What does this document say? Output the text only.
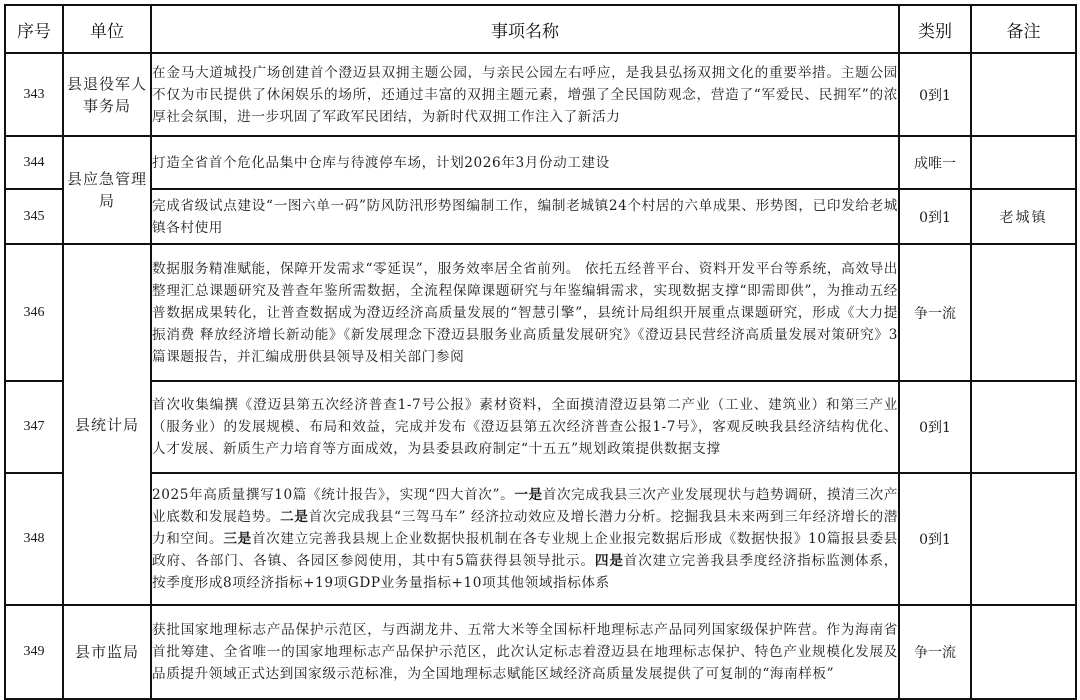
序号	单位	事项名称	类别	备注
343	县退役军人事务局	在金马大道城投广场创建首个澄迈县双拥主题公园，与亲民公园左右呼应，是我县弘扬双拥文化的重要举措。主题公园不仅为市民提供了休闲娱乐的场所，还通过丰富的双拥主题元素，增强了全民国防观念，营造了“军爱民、民拥军”的浓厚社会氛围，进一步巩固了军政军民团结，为新时代双拥工作注入了新活力	0到1	
344	县应急管理局	打造全省首个危化品集中仓库与待渡停车场，计划2026年3月份动工建设	成唯一	
345		完成省级试点建设“一图六单一码”防风防汛形势图编制工作，编制老城镇24个村居的六单成果、形势图，已印发给老城镇各村使用	0到1	老城镇
346	县统计局	数据服务精准赋能，保障开发需求“零延误”，服务效率居全省前列。 依托五经普平台、资料开发平台等系统，高效导出整理汇总课题研究及普查年鉴所需数据，全流程保障课题研究与年鉴编辑需求，实现数据支撑“即需即供”，为推动五经普数据成果转化，让普查数据成为澄迈经济高质量发展的“智慧引擎”，县统计局组织开展重点课题研究，形成《大力提振消费 释放经济增长新动能》《新发展理念下澄迈县服务业高质量发展研究》《澄迈县民营经济高质量发展对策研究》3篇课题报告，并汇编成册供县领导及相关部门参阅	争一流	
347		首次收集编撰《澄迈县第五次经济普查1-7号公报》素材资料，全面摸清澄迈县第二产业（工业、建筑业）和第三产业（服务业）的发展规模、布局和效益，完成并发布《澄迈县第五次经济普查公报1-7号》，客观反映我县经济结构优化、人才发展、新质生产力培育等方面成效，为县委县政府制定“十五五”规划政策提供数据支撑	0到1	
348		2025年高质量撰写10篇《统计报告》，实现“四大首次”。一是首次完成我县三次产业发展现状与趋势调研，摸清三次产业底数和发展趋势。二是首次完成我县“三驾马车” 经济拉动效应及增长潜力分析。挖掘我县未来两到三年经济增长的潜力和空间。三是首次建立完善我县规上企业数据快报机制在各专业规上企业报完数据后形成《数据快报》10篇报县委县政府、各部门、各镇、各园区参阅使用，其中有5篇获得县领导批示。四是首次建立完善我县季度经济指标监测体系，按季度形成8项经济指标+19项GDP业务量指标+10项其他领域指标体系	0到1	
349	县市监局	获批国家地理标志产品保护示范区，与西湖龙井、五常大米等全国标杆地理标志产品同列国家级保护阵营。作为海南省首批筹建、全省唯一的国家地理标志产品保护示范区，此次认定标志着澄迈县在地理标志保护、特色产业规模化发展及品质提升领域正式达到国家级示范标准，为全国地理标志赋能区域经济高质量发展提供了可复制的“海南样板”	争一流	
